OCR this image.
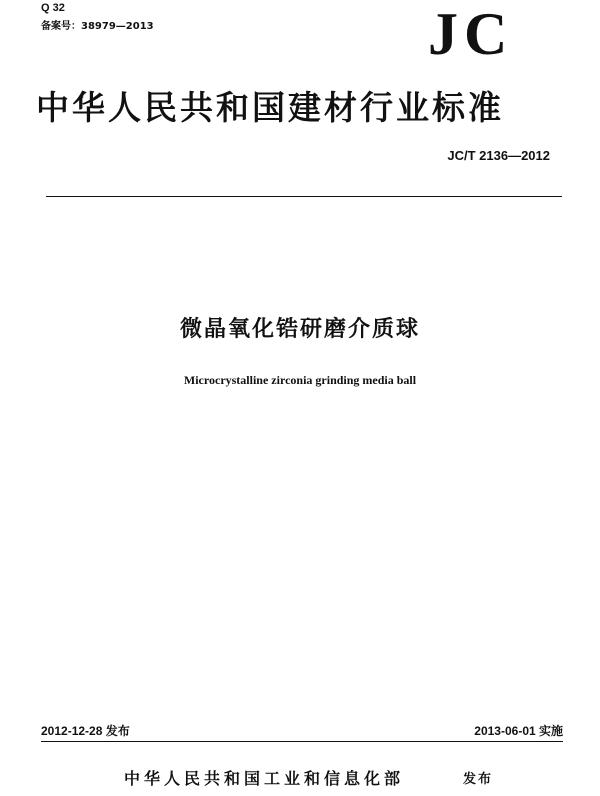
Q 32
备案号：38979—2013	JC
中华人民共和国建材行业标准
JC/T 2136—2012
微晶氧化锆研磨介质球
Microcrystalline zirconia grinding media ball
2012-12-28 发布	2013-06-01 实施
中华人民共和国工业和信息化部	发布
